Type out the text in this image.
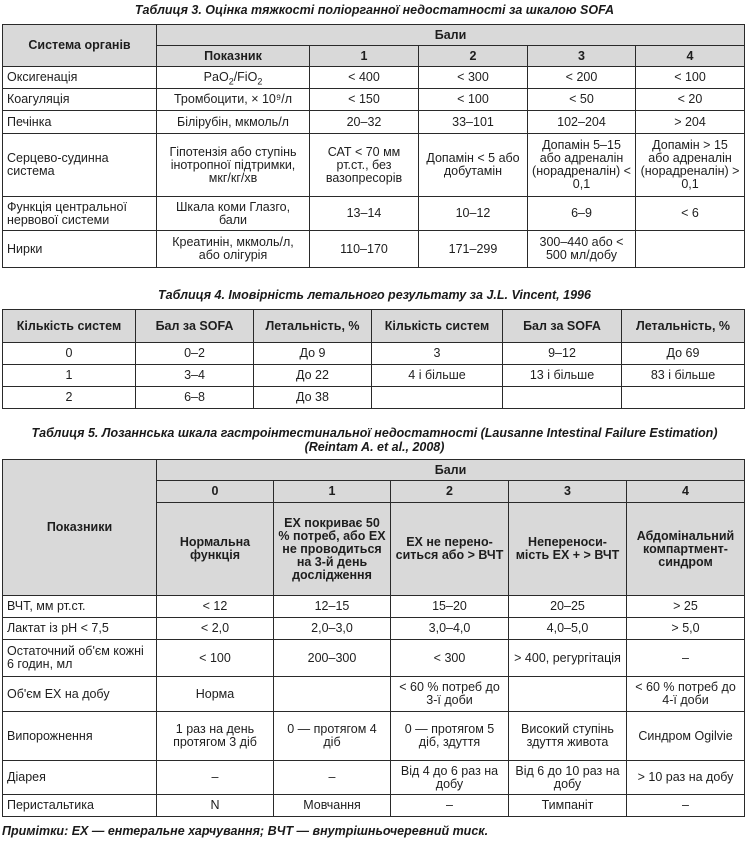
Таблиця 3. Оцінка тяжкості поліорганної недостатності за шкалою SOFA
Система органів	Бали				
	Показник	1	2	3	4
Оксигенація	PaO$_2$/FiO$_2$	< 400	< 300	< 200	< 100
Коагуляція	Тромбоцити, × 10⁹/л	< 150	< 100	< 50	< 20
Печінка	Білірубін, мкмоль/л	20–32	33–101	102–204	> 204
Серцево-судинна система	Гіпотензія або ступінь інотропної підтримки, мкг/кг/хв	САТ < 70 мм рт.ст., без вазопресорів	Допамін < 5 або добутамін	Допамін 5–15 або адреналін (норадреналін) < 0,1	Допамін > 15 або адреналін (норадреналін) > 0,1
Функція центральної нервової системи	Шкала коми Глазго, бали	13–14	10–12	6–9	< 6
Нирки	Креатинін, мкмоль/л, або олігурія	110–170	171–299	300–440 або < 500 мл/добу	
Таблиця 4. Імовірність летального результату за J.L. Vincent, 1996
Кількість систем	Бал за SOFA	Летальність, %	Кількість систем	Бал за SOFA	Летальність, %
0	0–2	До 9	3	9–12	До 69
1	3–4	До 22	4 і більше	13 і більше	83 і більше
2	6–8	До 38			
Таблиця 5. Лозаннська шкала гастроінтестинальної недостатності (Lausanne Intestinal Failure Estimation)
(Reintam A. et al., 2008)
Показники	Бали				
	0	1	2	3	4
	Нормальна функція	ЕХ покриває 50 % потреб, або ЕХ не проводиться на 3-й день дослідження	ЕХ не перено-ситься або > ВЧТ	Непереноси-мість ЕХ + > ВЧТ	Абдомінальний компартмент-синдром
ВЧТ, мм рт.ст.	< 12	12–15	15–20	20–25	> 25
Лактат із pH < 7,5	< 2,0	2,0–3,0	3,0–4,0	4,0–5,0	> 5,0
Остаточний об'єм кожні 6 годин, мл	< 100	200–300	< 300	> 400, регургітація	–
Об'єм ЕХ на добу	Норма		< 60 % потреб до 3-ї доби		< 60 % потреб до 4-ї доби
Випорожнення	1 раз на день протягом 3 діб	0 — протягом 4 діб	0 — протягом 5 діб, здуття	Високий ступінь здуття живота	Синдром Ogilvie
Діарея	–	–	Від 4 до 6 раз на добу	Від 6 до 10 раз на добу	> 10 раз на добу
Перистальтика	N	Мовчання	–	Тимпаніт	–
Примітки: ЕХ — ентеральне харчування; ВЧТ — внутрішньочеревний тиск.
